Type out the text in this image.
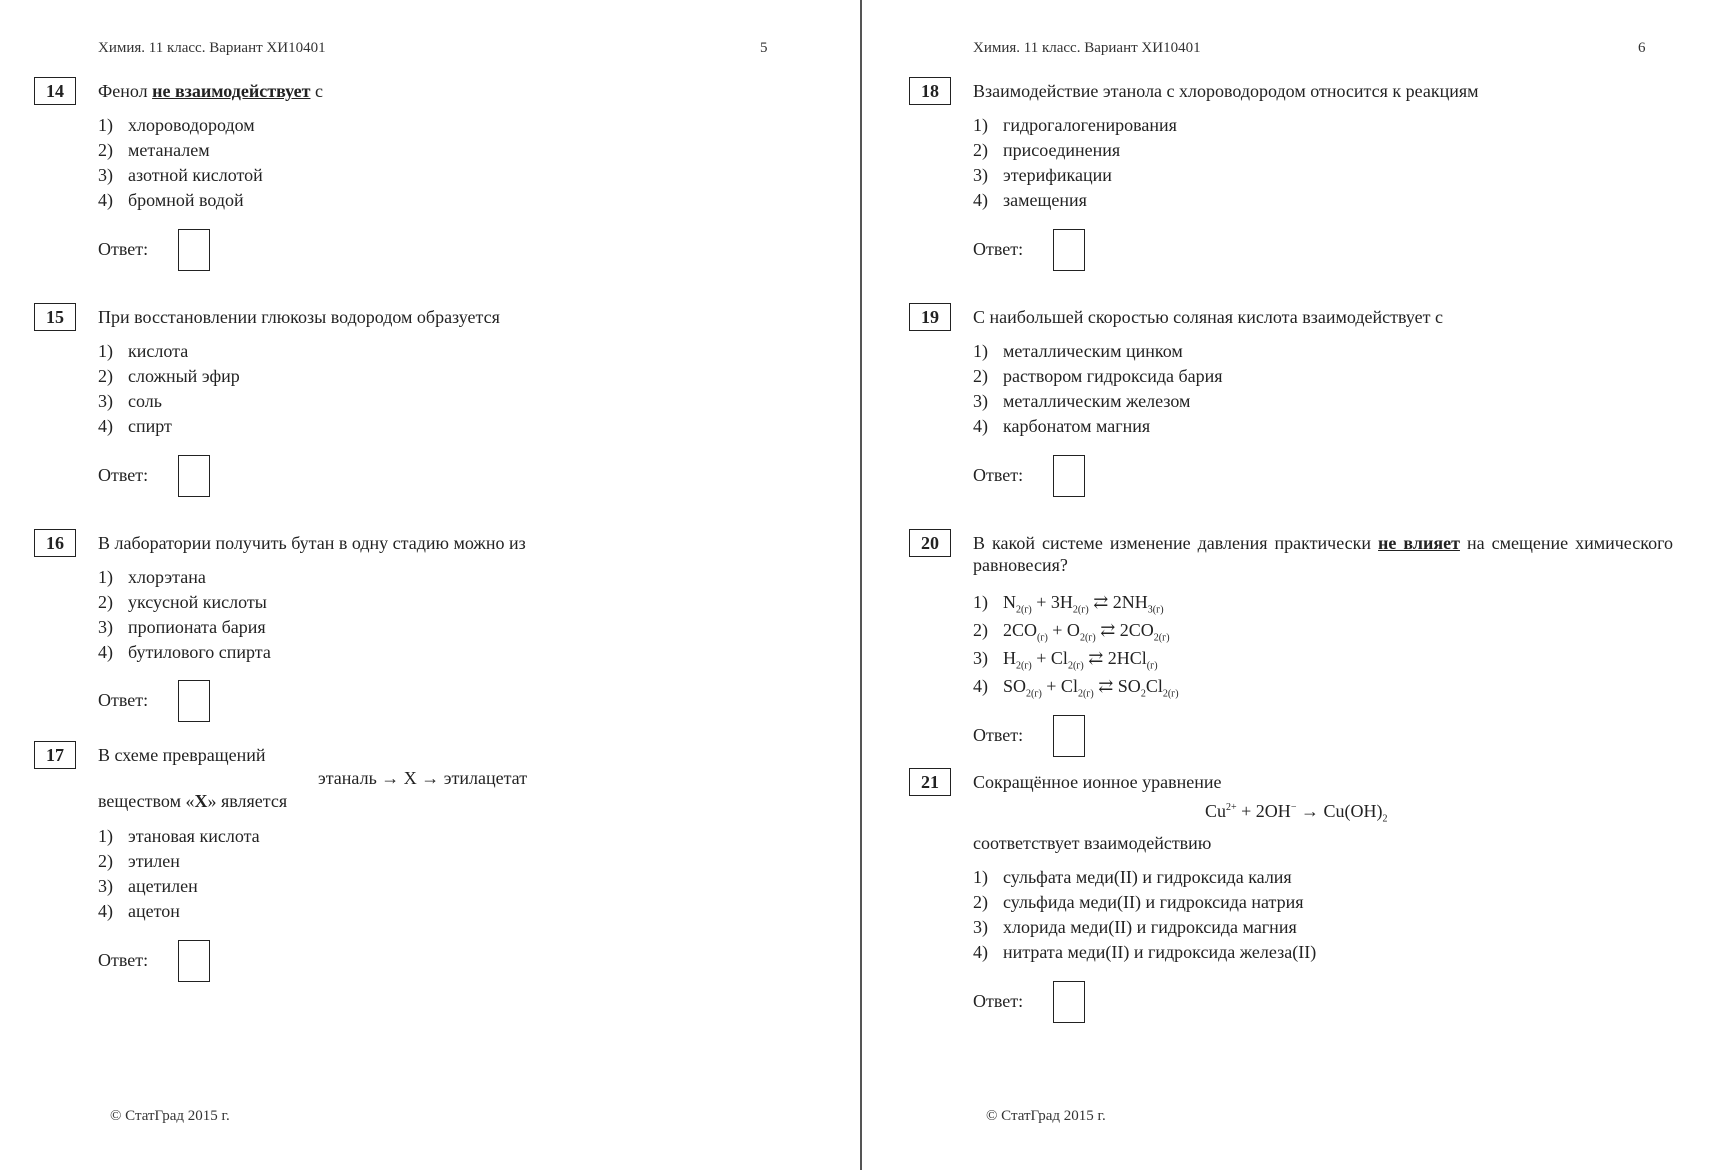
Химия. 11 класс. Вариант ХИ10401	5
14	Фенол не взаимодействует с
1) хлороводородом
2) метаналем
3) азотной кислотой
4) бромной водой
Ответ:
15	При восстановлении глюкозы водородом образуется
1) кислота
2) сложный эфир
3) соль
4) спирт
Ответ:
16	В лаборатории получить бутан в одну стадию можно из
1) хлорэтана
2) уксусной кислоты
3) пропионата бария
4) бутилового спирта
Ответ:
17	В схеме превращений
этаналь → X → этилацетат
веществом «X» является
1) этановая кислота
2) этилен
3) ацетилен
4) ацетон
Ответ:
© СтатГрад 2015 г.
Химия. 11 класс. Вариант ХИ10401	6
18	Взаимодействие этанола с хлороводородом относится к реакциям
1) гидрогалогенирования
2) присоединения
3) этерификации
4) замещения
Ответ:
19	С наибольшей скоростью соляная кислота взаимодействует с
1) металлическим цинком
2) раствором гидроксида бария
3) металлическим железом
4) карбонатом магния
Ответ:
20	В какой системе изменение давления практически не влияет на смещение химического равновесия?
1) $N_{2(г)} + 3H_{2(г)}$ ⇄ $2NH_{3(г)}$
2) $2CO_{(г)} + O_{2(г)}$ ⇄ $2CO_{2(г)}$
3) $H_{2(г)} + Cl_{2(г)}$ ⇄ 2HCl$_{(г)}$
4) $SO_{2(г)} + Cl_{2(г)}$ ⇄ $SO_2Cl_{2(г)}$
Ответ:
21	Сокращённое ионное уравнение
$Cu^{2+} + 2OH^- \to Cu(OH)_2$
соответствует взаимодействию
1) сульфата меди(II) и гидроксида калия
2) сульфида меди(II) и гидроксида натрия
3) хлорида меди(II) и гидроксида магния
4) нитрата меди(II) и гидроксида железа(II)
Ответ:
© СтатГрад 2015 г.
